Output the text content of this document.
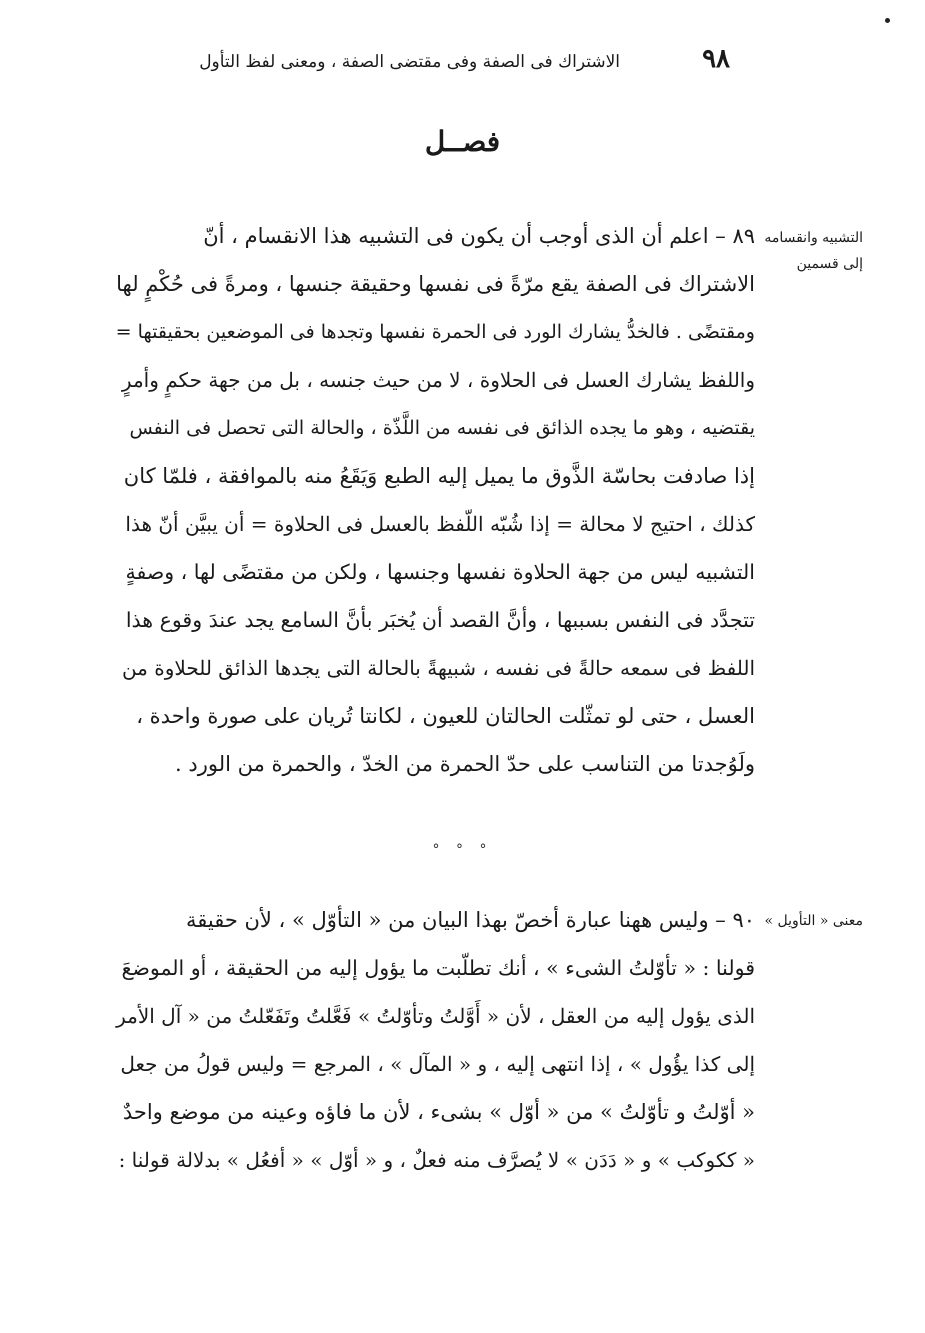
٩٨
الاشتراك فى الصفة وفى مقتضى الصفة ، ومعنى لفظ التأول
فصــل
التشبيه وانقسامه
إلى قسمين
٨٩ – اعلم أن الذى أوجب أن يكون فى التشبيه هذا الانقسام ، أنّ
الاشتراك فى الصفة يقع مرّةً فى نفسها وحقيقة جنسها ، ومرةً فى حُكْمٍ لها
ومقتضًى . فالخدُّ يشارك الورد فى الحمرة نفسها وتجدها فى الموضعين بحقيقتها =
واللفظ يشارك العسل فى الحلاوة ، لا من حيث جنسه ، بل من جهة حكمٍ وأمرٍ
يقتضيه ، وهو ما يجده الذائق فى نفسه من اللَّذّة ، والحالة التى تحصل فى النفس
إذا صادفت بحاسّة الذَّوق ما يميل إليه الطبع وَيَقَعُ منه بالموافقة ، فلمّا كان
كذلك ، احتيج لا محالة = إذا شُبّه اللّفظ بالعسل فى الحلاوة = أن يبيَّن أنّ هذا
التشبيه ليس من جهة الحلاوة نفسها وجنسها ، ولكن من مقتضًى لها ، وصفةٍ
تتجدَّد فى النفس بسببها ، وأنَّ القصد أن يُخبَر بأنَّ السامع يجد عندَ وقوع هذا
اللفظ فى سمعه حالةً فى نفسه ، شبيهةً بالحالة التى يجدها الذائق للحلاوة من
العسل ، حتى لو تمثّلت الحالتان للعيون ، لكانتا تُريان على صورة واحدة ،
ولَوُجدتا من التناسب على حدّ الحمرة من الخدّ ، والحمرة من الورد .
° ° °
معنى « التأويل »
٩٠ – وليس ههنا عبارة أخصّ بهذا البيان من « التأوّل » ، لأن حقيقة
قولنا : « تأوّلتُ الشىء » ، أنك تطلّبت ما يؤول إليه من الحقيقة ، أو الموضعَ
الذى يؤول إليه من العقل ، لأن « أَوَّلتُ وتأوّلتُ » فَعَّلتُ وتَفَعّلتُ من « آل الأمر
إلى كذا يؤُول » ، إذا انتهى إليه ، و « المآل » ، المرجع = وليس قولُ من جعل
« أوّلتُ و تأوّلتُ » من « أوّل » بشىء ، لأن ما فاؤه وعينه من موضع واحدٌ
« ككوكب » و « دَدَن » لا يُصرَّف منه فعلٌ ، و « أوّل » « أفعُل » بدلالة قولنا :
